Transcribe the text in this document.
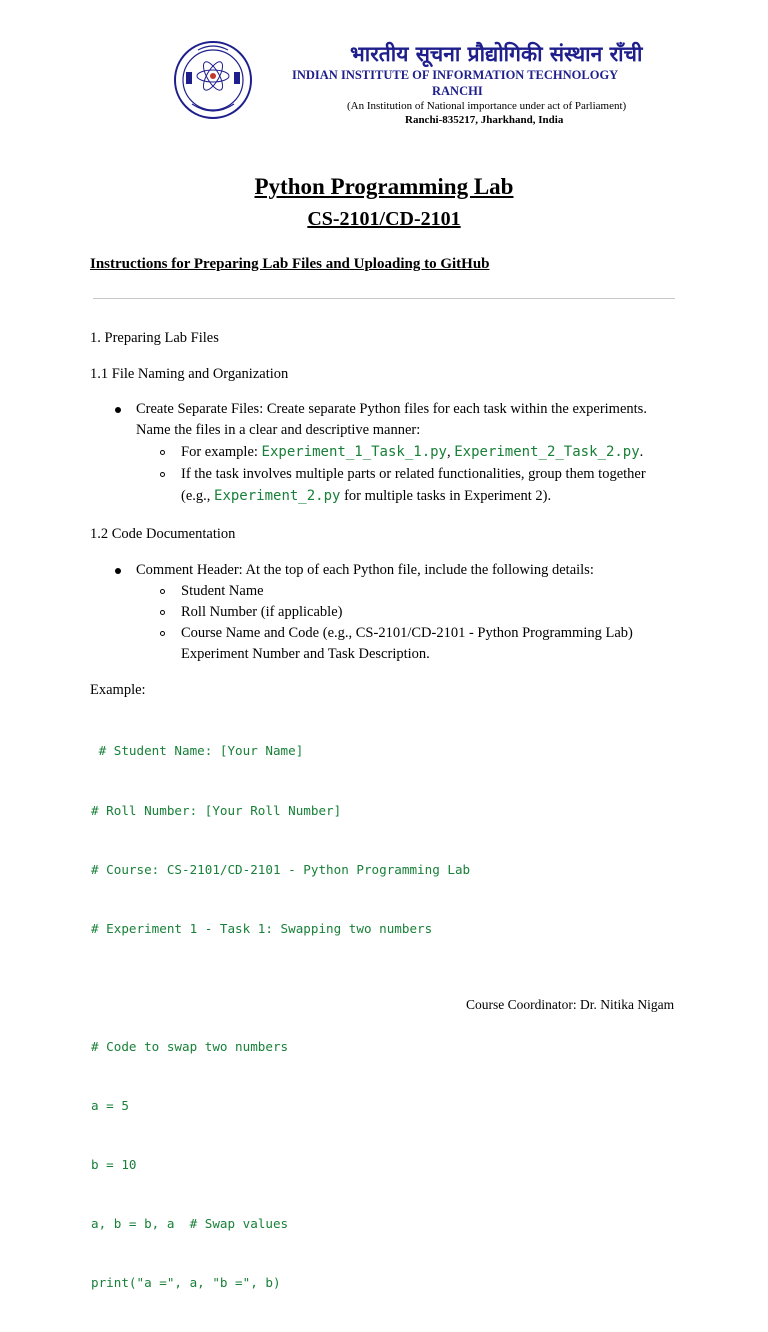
भारतीय सूचना प्रौद्योगिकी संस्थान राँची
INDIAN INSTITUTE OF INFORMATION TECHNOLOGY
RANCHI
(An Institution of National importance under act of Parliament)
Ranchi-835217, Jharkhand, India
Python Programming Lab
CS-2101/CD-2101
Instructions for Preparing Lab Files and Uploading to GitHub
1. Preparing Lab Files
1.1 File Naming and Organization
Create Separate Files: Create separate Python files for each task within the experiments.
Name the files in a clear and descriptive manner:
For example: Experiment_1_Task_1.py, Experiment_2_Task_2.py.
If the task involves multiple parts or related functionalities, group them together
(e.g., Experiment_2.py for multiple tasks in Experiment 2).
1.2 Code Documentation
Comment Header: At the top of each Python file, include the following details:
Student Name
Roll Number (if applicable)
Course Name and Code (e.g., CS-2101/CD-2101 - Python Programming Lab)
Experiment Number and Task Description.
Example:

# Student Name: [Your Name]

# Roll Number: [Your Roll Number]

# Course: CS-2101/CD-2101 - Python Programming Lab

# Experiment 1 - Task 1: Swapping two numbers

# Code to swap two numbers

a = 5

b = 10

a, b = b, a  # Swap values

print("a =", a, "b =", b)

Course Coordinator: Dr. Nitika Nigam
